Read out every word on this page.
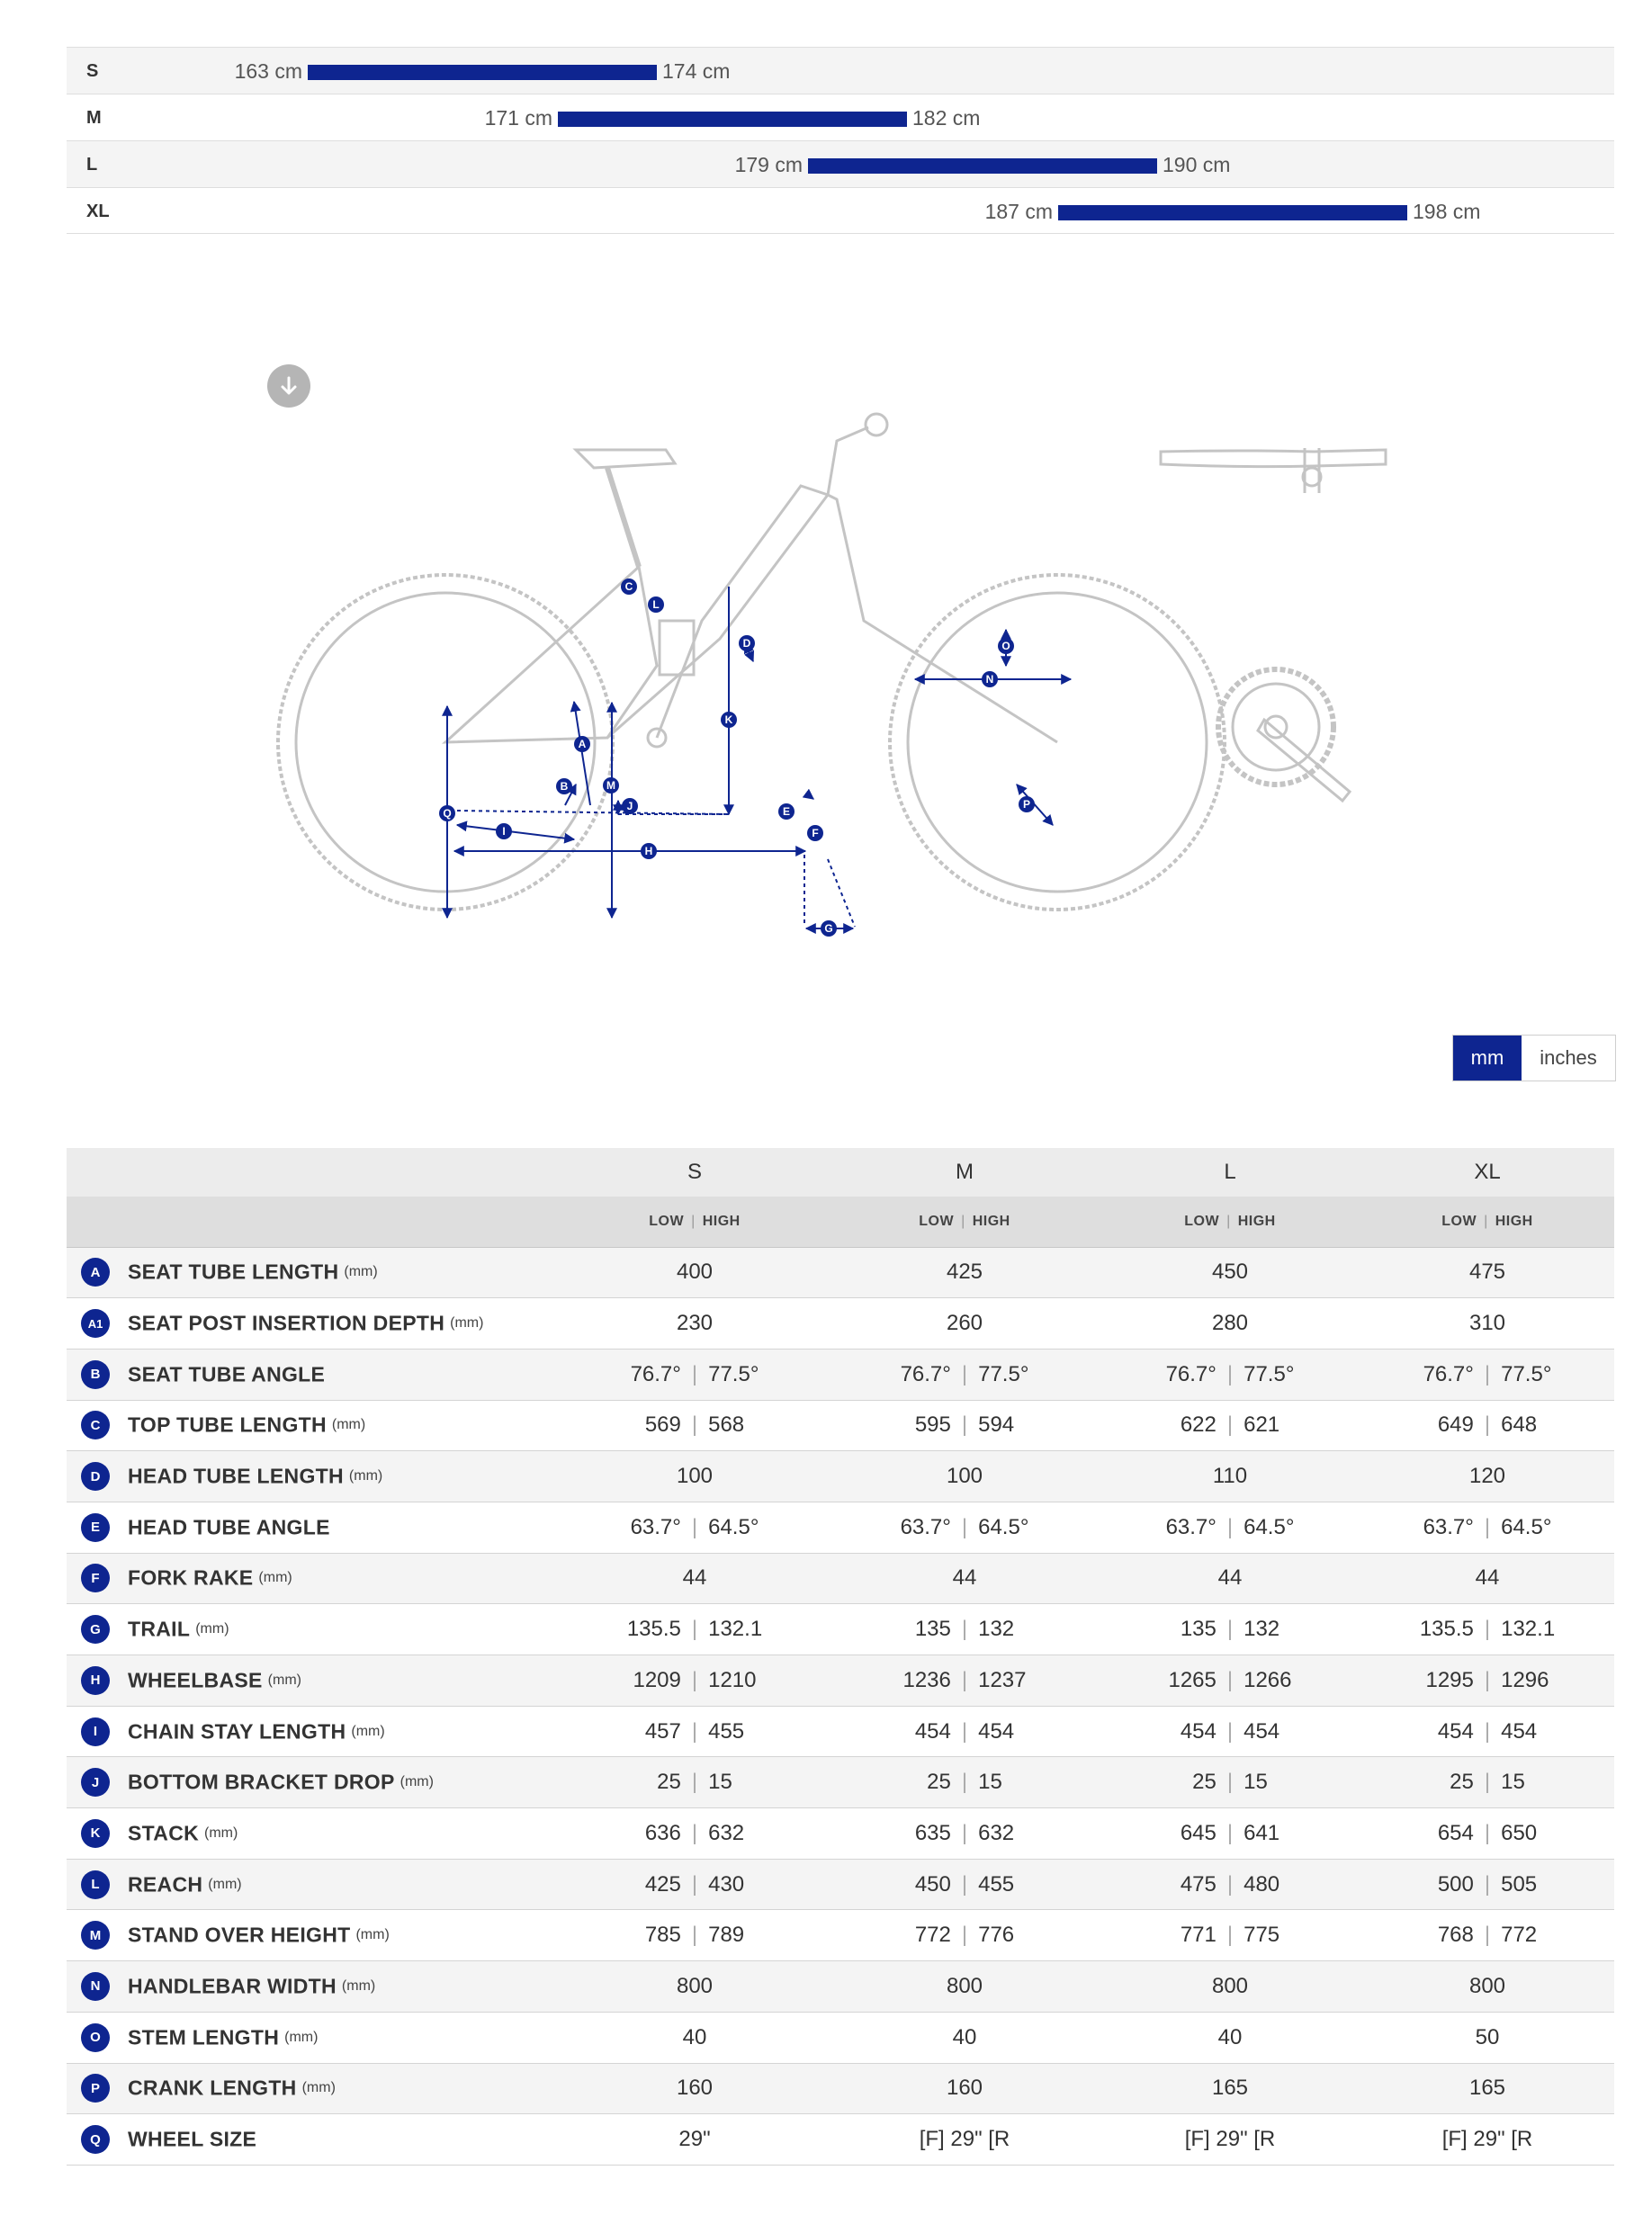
S	163 cm	174 cm
M	171 cm	182 cm
L	179 cm	190 cm
XL	187 cm	198 cm
C
L
D
K
A
B	M
J	E
F
Q
I
H
G
O
N
P
mm	inches
	S	M	L	XL
	LOW | HIGH	LOW | HIGH	LOW | HIGH	LOW | HIGH
A SEAT TUBE LENGTH (mm)	400	425	450	475
A1 SEAT POST INSERTION DEPTH (mm)	230	260	280	310
B SEAT TUBE ANGLE	76.7° | 77.5°	76.7° | 77.5°	76.7° | 77.5°	76.7° | 77.5°
C TOP TUBE LENGTH (mm)	569 | 568	595 | 594	622 | 621	649 | 648
D HEAD TUBE LENGTH (mm)	100	100	110	120
E HEAD TUBE ANGLE	63.7° | 64.5°	63.7° | 64.5°	63.7° | 64.5°	63.7° | 64.5°
F FORK RAKE (mm)	44	44	44	44
G TRAIL (mm)	135.5 | 132.1	135 | 132	135 | 132	135.5 | 132.1
H WHEELBASE (mm)	1209 | 1210	1236 | 1237	1265 | 1266	1295 | 1296
I CHAIN STAY LENGTH (mm)	457 | 455	454 | 454	454 | 454	454 | 454
J BOTTOM BRACKET DROP (mm)	25 | 15	25 | 15	25 | 15	25 | 15
K STACK (mm)	636 | 632	635 | 632	645 | 641	654 | 650
L REACH (mm)	425 | 430	450 | 455	475 | 480	500 | 505
M STAND OVER HEIGHT (mm)	785 | 789	772 | 776	771 | 775	768 | 772
N HANDLEBAR WIDTH (mm)	800	800	800	800
O STEM LENGTH (mm)	40	40	40	50
P CRANK LENGTH (mm)	160	160	165	165
Q WHEEL SIZE	29"	[F] 29" [R	[F] 29" [R	[F] 29" [R
